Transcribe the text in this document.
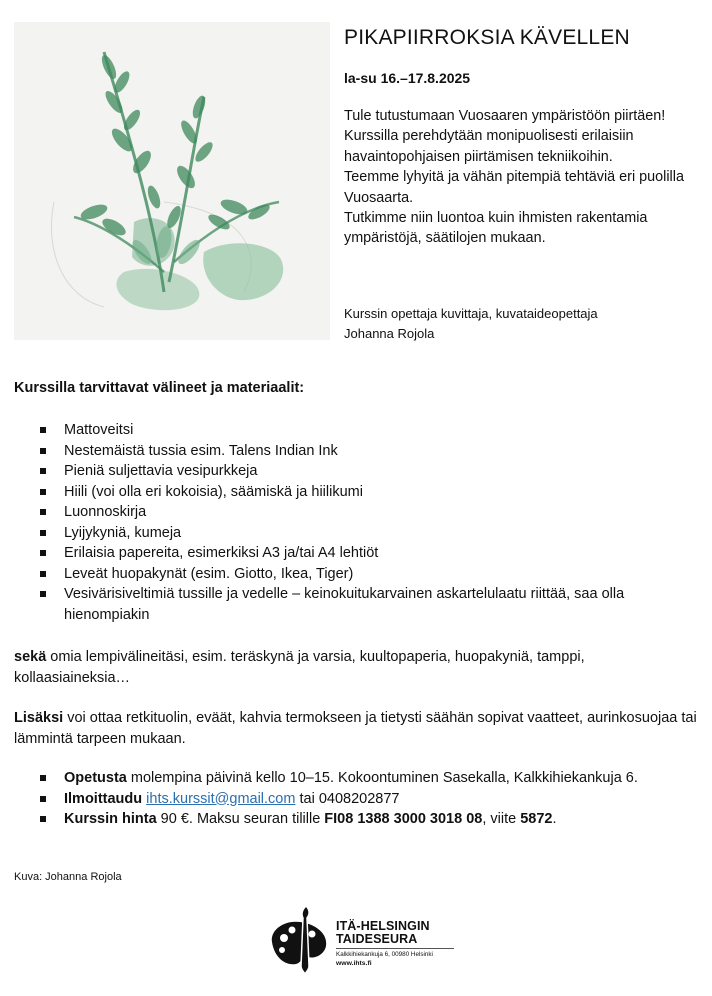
PIKAPIIRROKSIA KÄVELLEN
la-su 16.–17.8.2025

Tule tutustumaan Vuosaaren ympäristöön piirtäen!

Kurssilla perehdytään monipuolisesti erilaisiin havaintopohjaisen piirtämisen tekniikoihin.

Teemme lyhyitä ja vähän pitempiä tehtäviä eri puolilla Vuosaarta.

Tutkimme niin luontoa kuin ihmisten rakentamia ympäristöjä, säätilojen mukaan.

Kurssin opettaja kuvittaja, kuvataideopettaja

Johanna Rojola

Kurssilla tarvittavat välineet ja materiaalit:
Mattoveitsi
Nestemäistä tussia esim. Talens Indian Ink
Pieniä suljettavia vesipurkkeja
Hiili (voi olla eri kokoisia), säämiskä ja hiilikumi
Luonnoskirja
Lyijykyniä, kumeja
Erilaisia papereita, esimerkiksi A3 ja/tai A4 lehtiöt
Leveät huopakynät (esim. Giotto, Ikea, Tiger)
Vesivärisiveltimiä tussille ja vedelle – keinokuitukarvainen askartelulaatu riittää, saa olla hienompiakin

sekä omia lempivälineitäsi, esim. teräskynä ja varsia, kuultopaperia, huopakyniä, tamppi, kollaasiaineksia…

Lisäksi voi ottaa retkituolin, eväät, kahvia termokseen ja tietysti säähän sopivat vaatteet, aurinkosuojaa tai lämmintä tarpeen mukaan.

Opetusta molempina päivinä kello 10–15. Kokoontuminen Sasekalla, Kalkkihiekankuja 6.
Ilmoittaudu ihts.kurssit@gmail.com tai 0408202877
Kurssin hinta 90 €. Maksu seuran tilille FI08 1388 3000 3018 08, viite 5872.
Kuva: Johanna Rojola
ITÄ-HELSINGIN
TAIDESEURA
Kalkkihiekankuja 6, 00980 Helsinki
www.ihts.fi
